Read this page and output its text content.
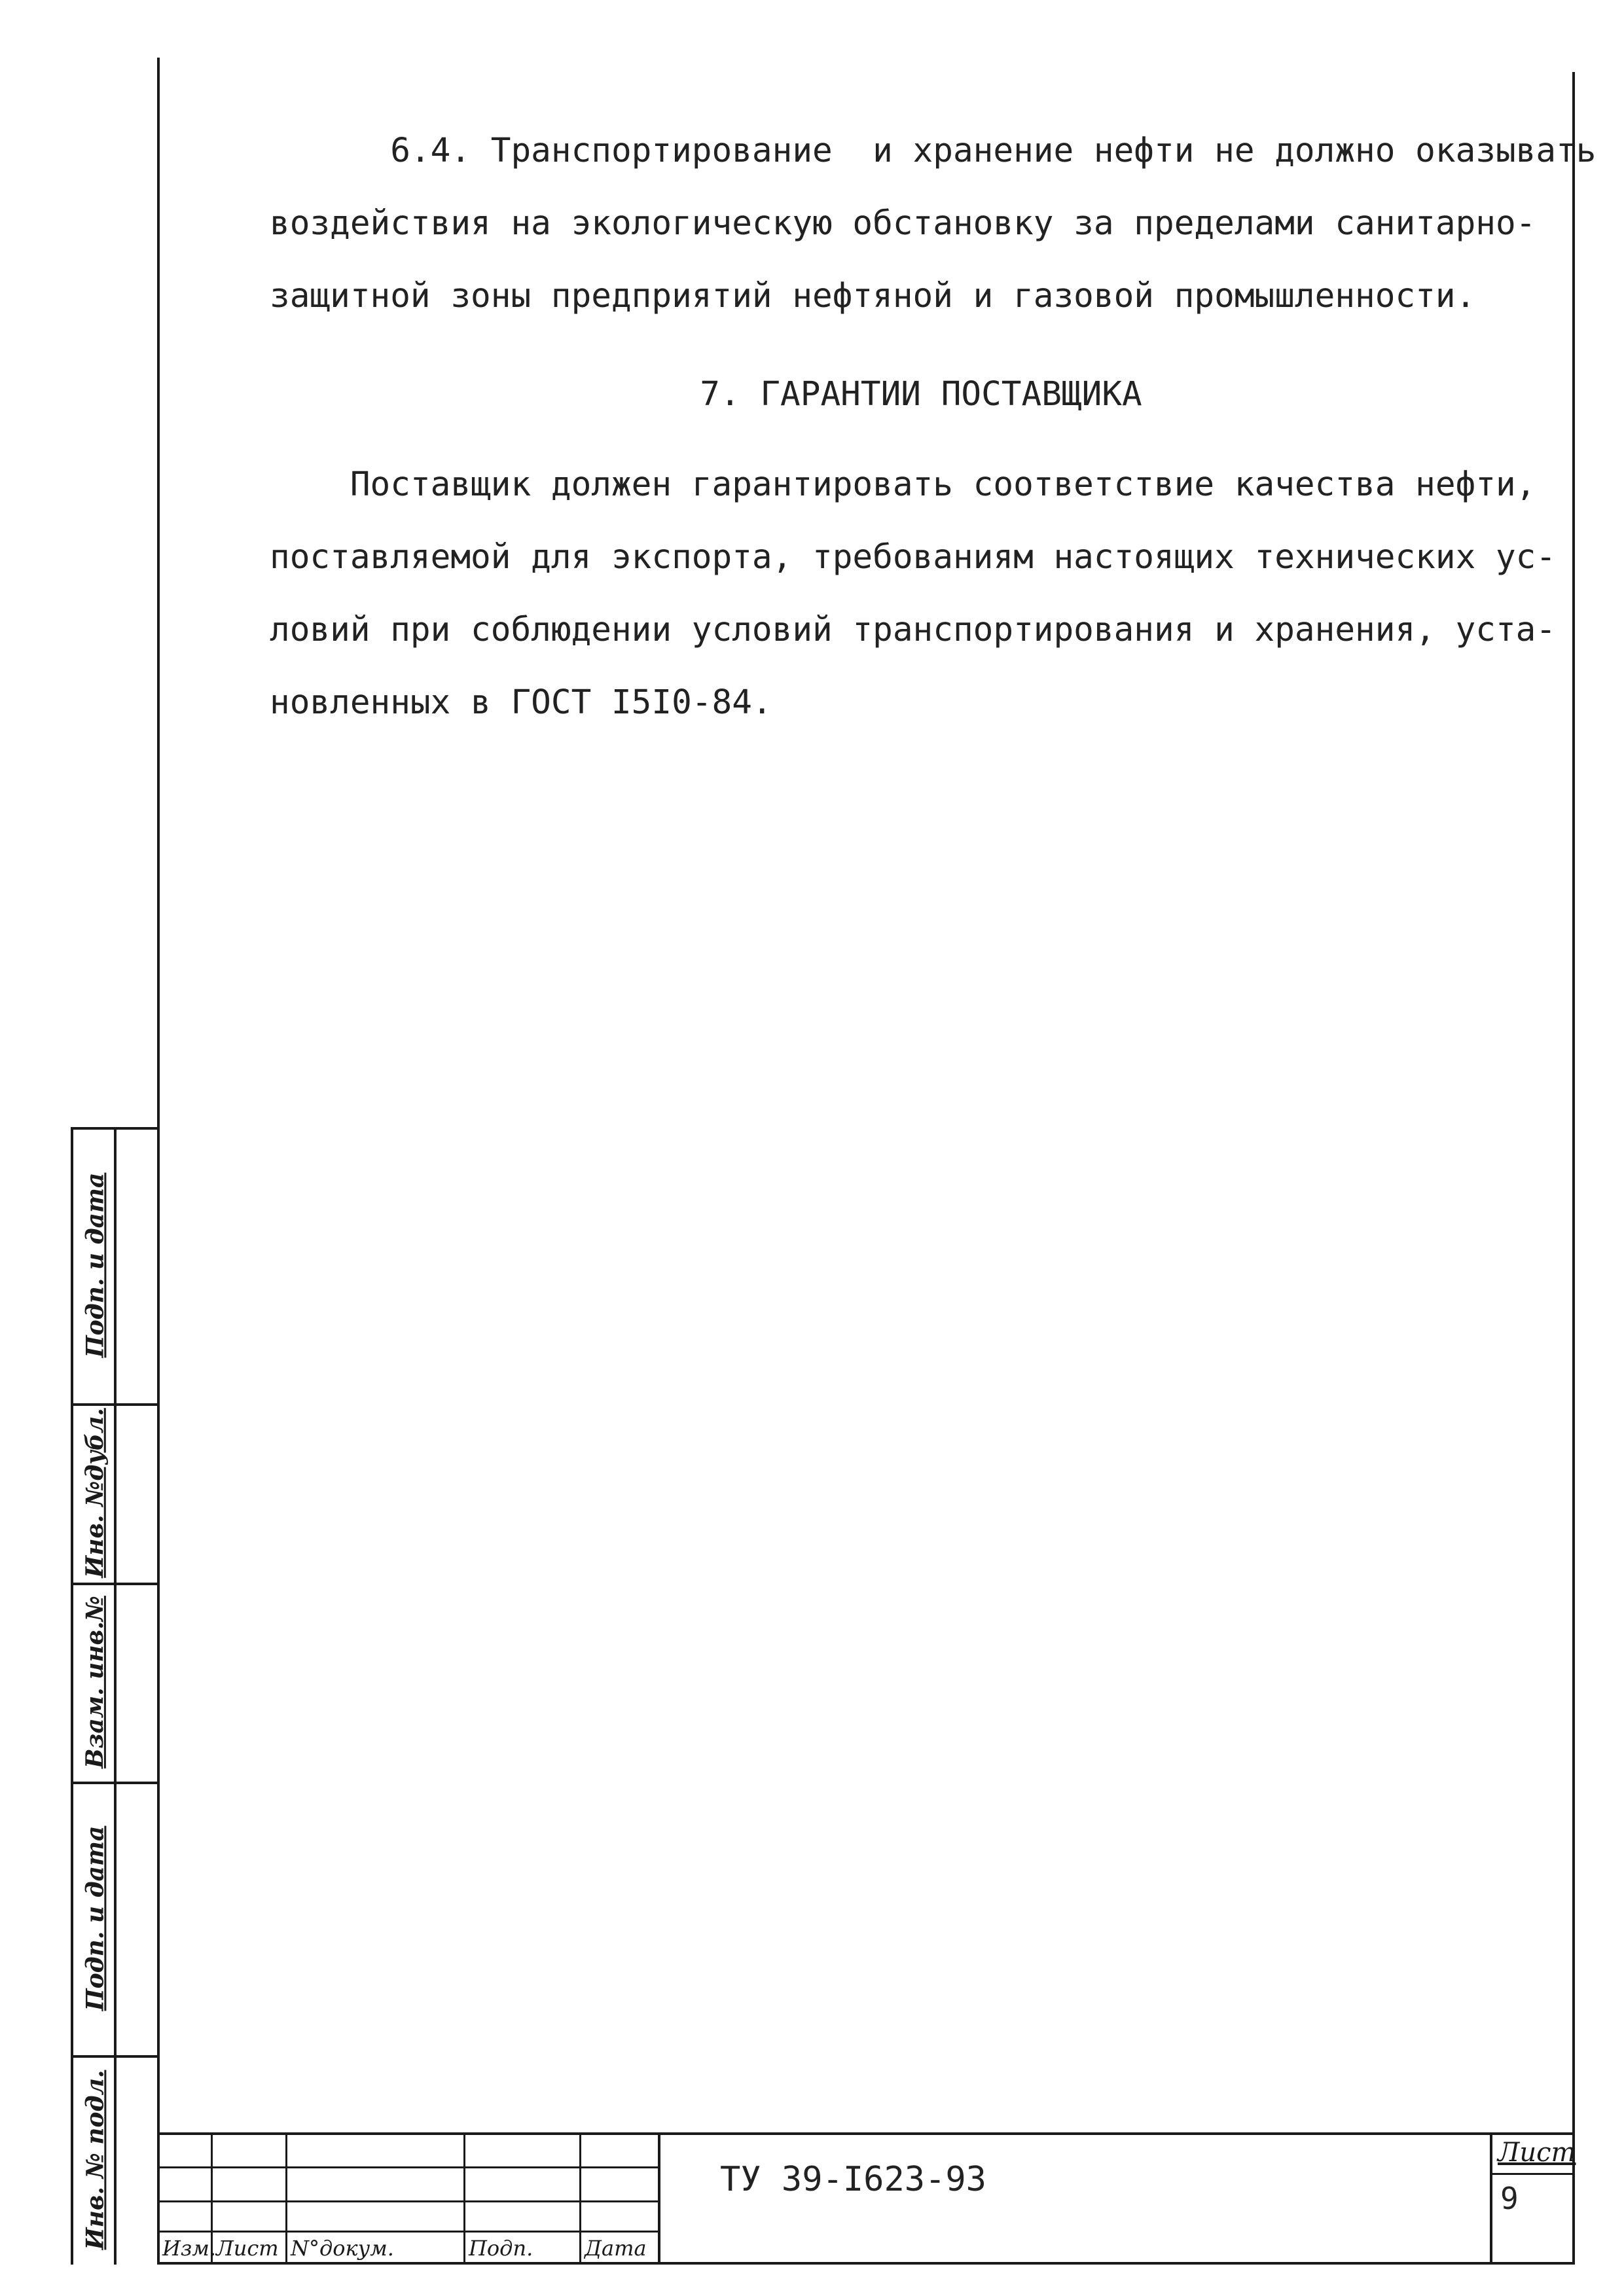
6.4. Транспортирование  и хранение нефти не должно оказывать

воздействия на экологическую обстановку за пределами санитарно-

защитной зоны предприятий нефтяной и газовой промышленности.

7. ГАРАНТИИ ПОСТАВЩИКА

Поставщик должен гарантировать соответствие качества нефти,

поставляемой для экспорта, требованиям настоящих технических ус-

ловий при соблюдении условий транспортирования и хранения, уста-

новленных в ГОСТ I5I0-84.

Подп. и дата
Инв. №дубл.
Взам. инв.№
Подп. и дата
Инв. № подл.	Изм. Лист N°докум.	Подп. Дата
ТУ 39-I623-93
Лист
9
